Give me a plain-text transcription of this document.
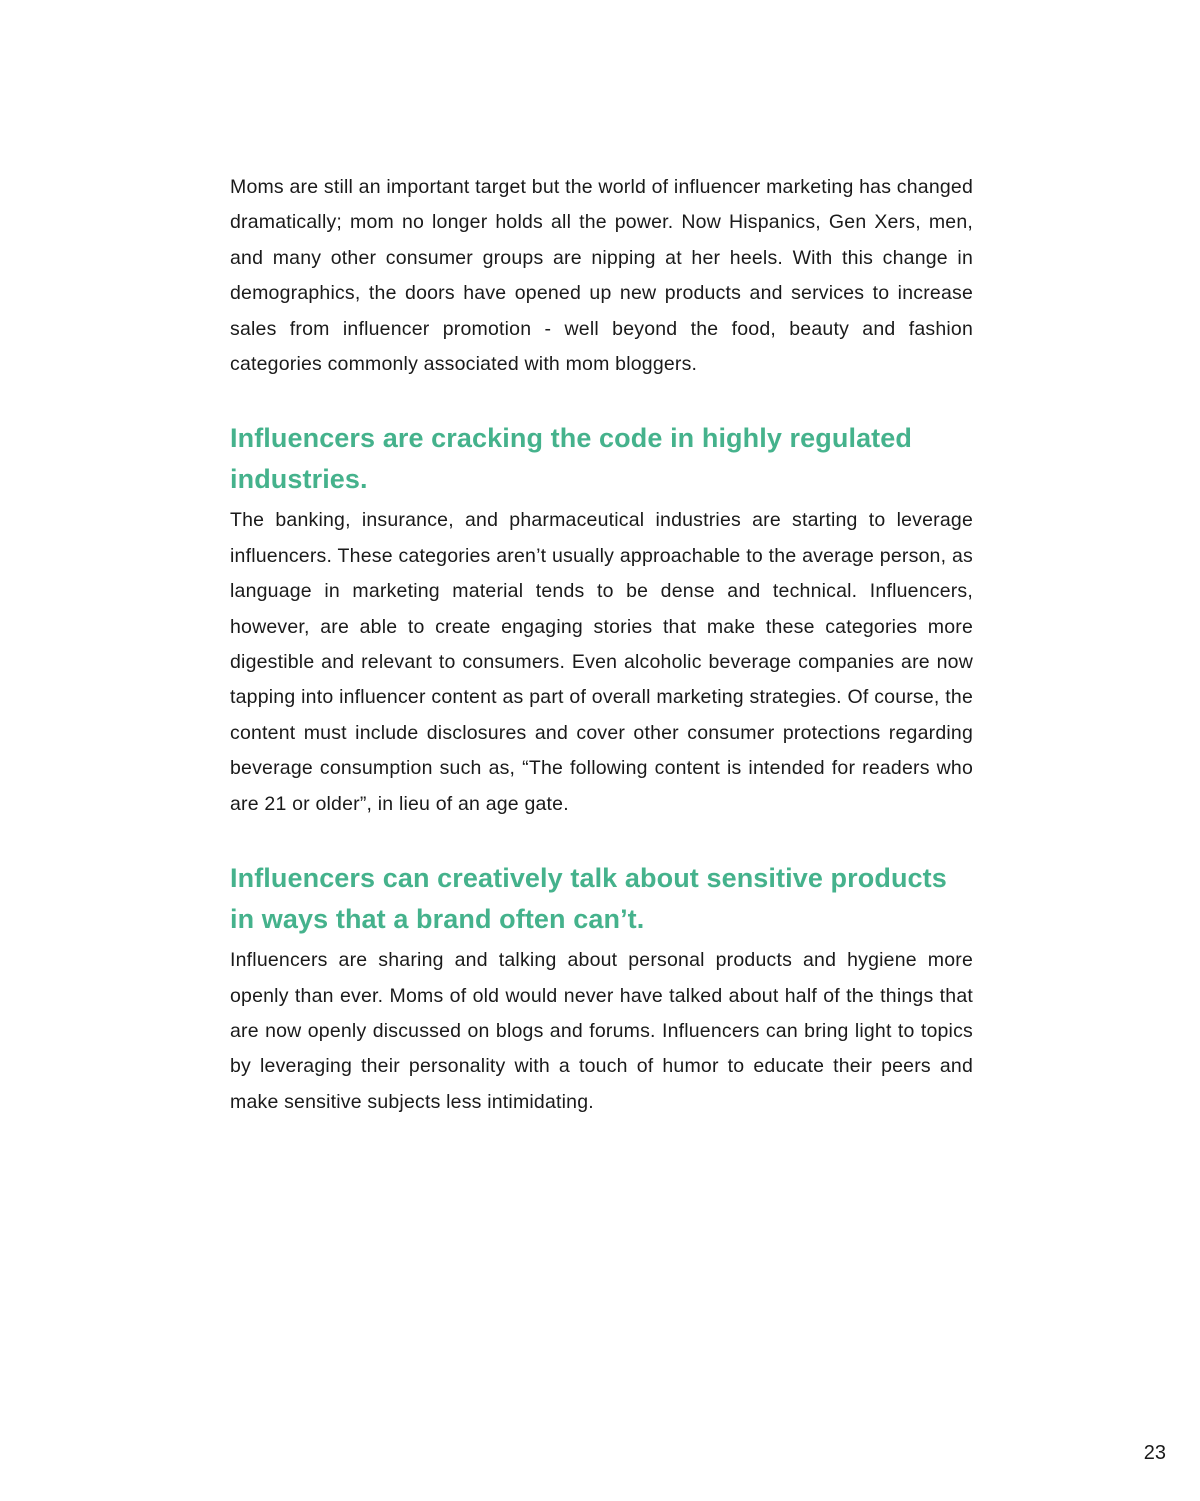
Moms are still an important target but the world of influencer marketing has changed dramatically; mom no longer holds all the power. Now Hispanics, Gen Xers, men, and many other consumer groups are nipping at her heels. With this change in demographics, the doors have opened up new products and services to increase sales from influencer promotion - well beyond the food, beauty and fashion categories commonly associated with mom bloggers.

Influencers are cracking the code in highly regulated industries.

The banking, insurance, and pharmaceutical industries are starting to leverage influencers. These categories aren’t usually approachable to the average person, as language in marketing material tends to be dense and technical. Influencers, however, are able to create engaging stories that make these categories more digestible and relevant to consumers. Even alcoholic beverage companies are now tapping into influencer content as part of overall marketing strategies. Of course, the content must include disclosures and cover other consumer protections regarding beverage consumption such as, “The following content is intended for readers who are 21 or older”, in lieu of an age gate.

Influencers can creatively talk about sensitive products in ways that a brand often can’t.

Influencers are sharing and talking about personal products and hygiene more openly than ever. Moms of old would never have talked about half of the things that are now openly discussed on blogs and forums. Influencers can bring light to topics by leveraging their personality with a touch of humor to educate their peers and make sensitive subjects less intimidating.

23
